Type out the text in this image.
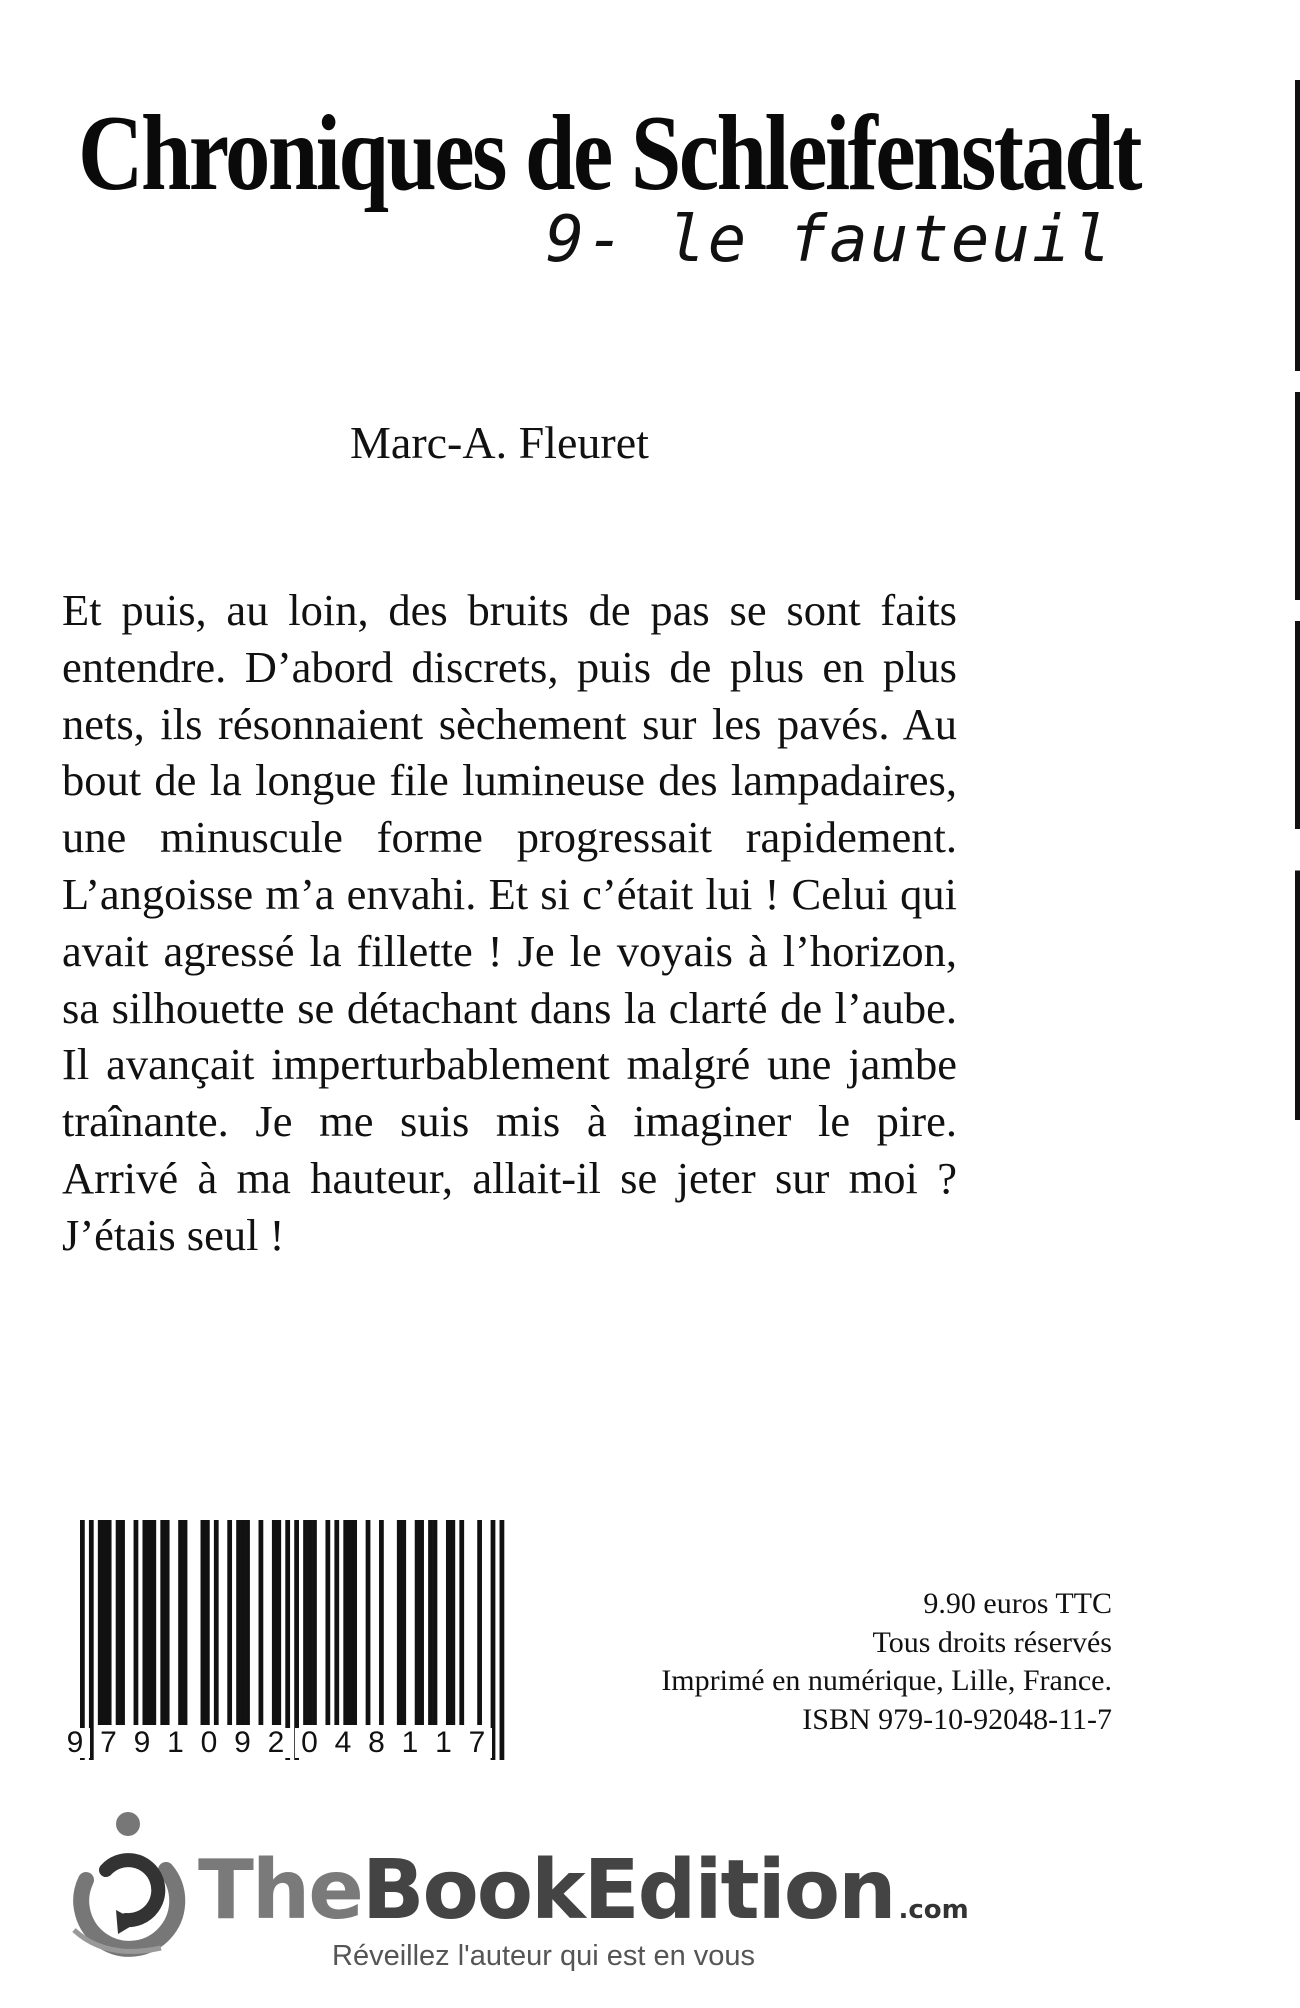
Chroniques de Schleifenstadt
9- le fauteuil
Marc-A. Fleuret
Et puis, au loin, des bruits de pas se sont faits entendre. D’abord discrets, puis de plus en plus nets, ils résonnaient sèchement sur les pavés. Au bout de la longue file lumineuse des lampadaires, une minuscule forme progressait rapidement. L’angoisse m’a envahi. Et si c’était lui ! Celui qui avait agressé la fillette ! Je le voyais à l’horizon, sa silhouette se détachant dans la clarté de l’aube. Il avançait imperturbablement malgré une jambe traînante. Je me suis mis à imaginer le pire. Arrivé à ma hauteur, allait-il se jeter sur moi ? J’étais seul !
9 7 9 1 0 9 2 0 4 8 1 1 7
9.90 euros TTC
Tous droits réservés
Imprimé en numérique, Lille, France.
ISBN 979-10-92048-11-7
TheBookEdition .com
Réveillez l'auteur qui est en vous
